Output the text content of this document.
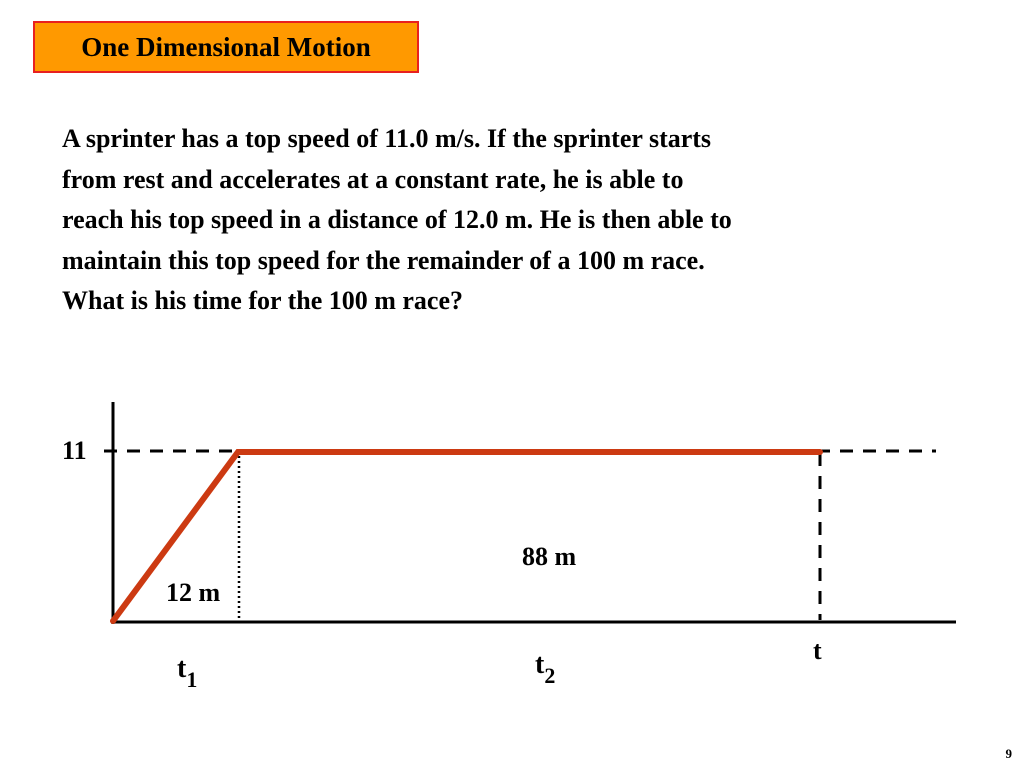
One Dimensional Motion

A sprinter has a top speed of 11.0 m/s. If the sprinter starts

from rest and accelerates at a constant rate, he is able to

reach his top speed in a distance of 12.0 m. He is then able to

maintain this top speed for the remainder of a 100 m race.

What is his time for the 100 m race?

11
12 m
88 m
t
$t_1$	$t_2$
9
